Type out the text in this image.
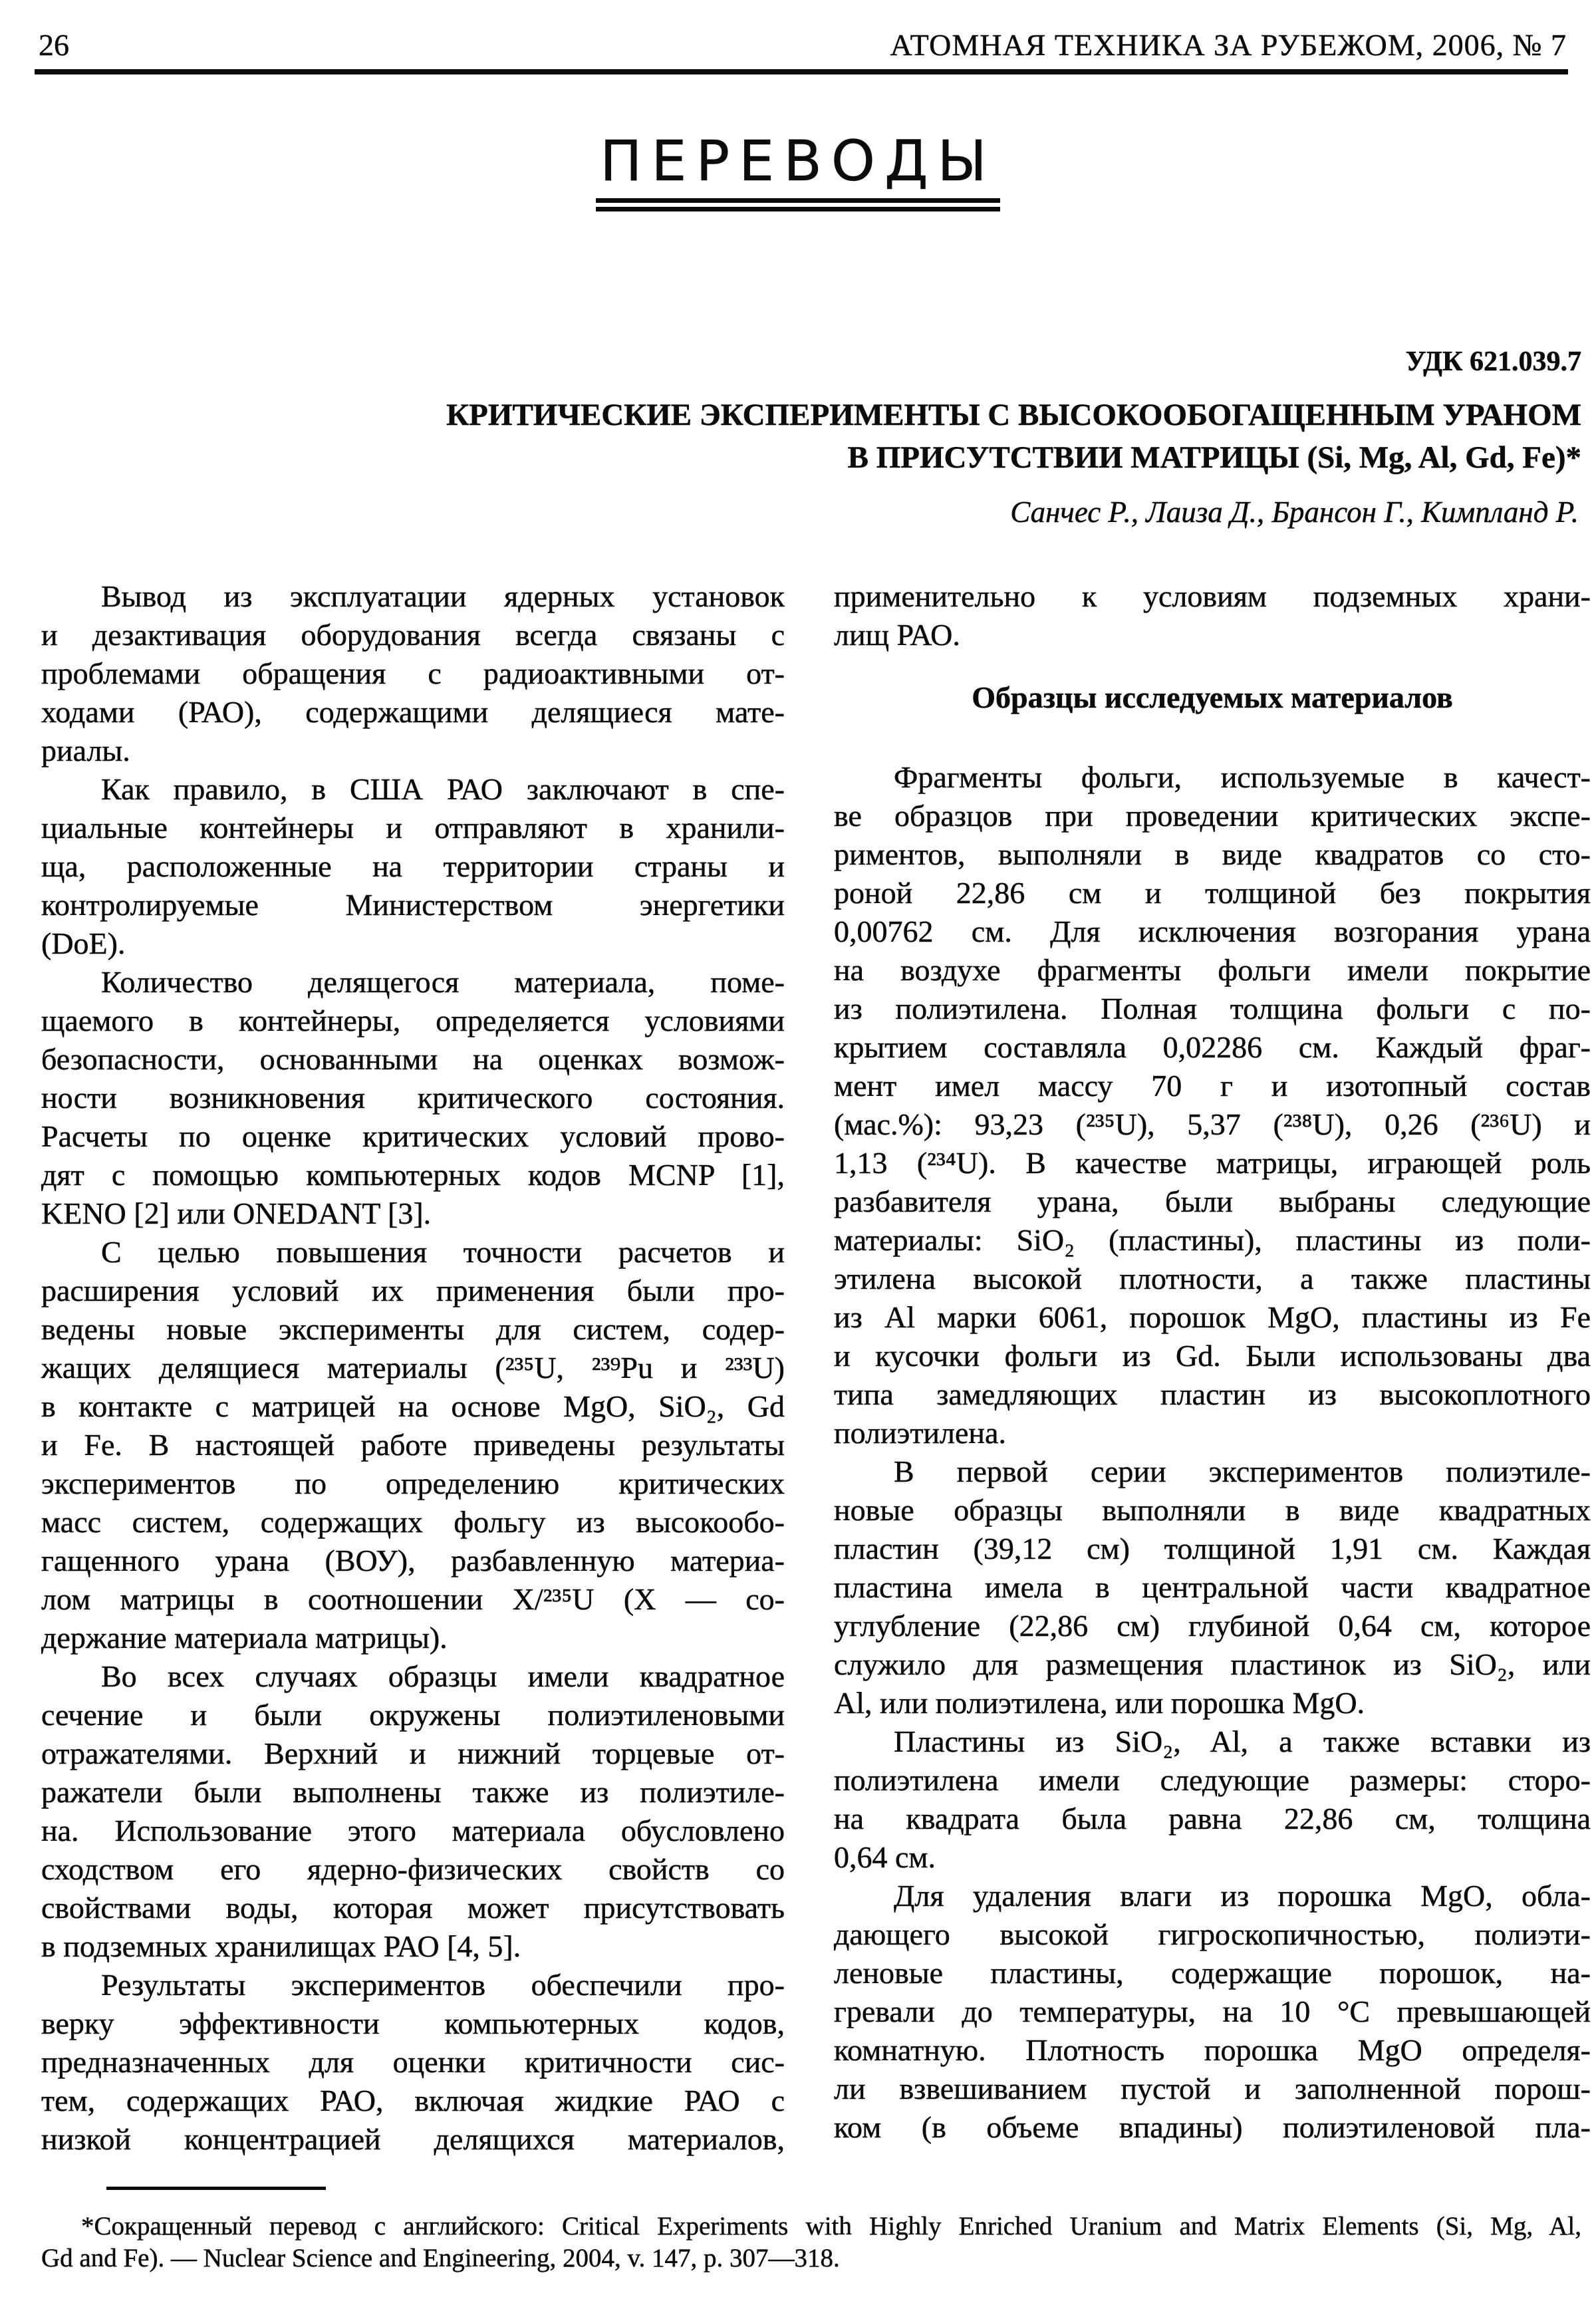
26	АТОМНАЯ ТЕХНИКА ЗА РУБЕЖОМ, 2006, № 7
ПЕРЕВОДЫ
УДК 621.039.7
КРИТИЧЕСКИЕ ЭКСПЕРИМЕНТЫ С ВЫСОКООБОГАЩЕННЫМ УРАНОМ
В ПРИСУТСТВИИ МАТРИЦЫ (Si, Mg, Al, Gd, Fe)*
Санчес Р., Лаиза Д., Брансон Г., Кимпланд Р.
Вывод из эксплуатации ядерных установок
и дезактивация оборудования всегда связаны с
проблемами обращения с радиоактивными от-
ходами (РАО), содержащими делящиеся мате-
риалы.
Как правило, в США РАО заключают в спе-
циальные контейнеры и отправляют в хранили-
ща, расположенные на территории страны и
контролируемые Министерством энергетики
(DoE).
Количество делящегося материала, поме-
щаемого в контейнеры, определяется условиями
безопасности, основанными на оценках возмож-
ности возникновения критического состояния.
Расчеты по оценке критических условий прово-
дят с помощью компьютерных кодов MCNP [1],
KENO [2] или ONEDANT [3].
С целью повышения точности расчетов и
расширения условий их применения были про-
ведены новые эксперименты для систем, содер-
жащих делящиеся материалы (²³⁵U, ²³⁹Pu и ²³³U)
в контакте с матрицей на основе MgO, SiO₂, Gd
и Fe. В настоящей работе приведены результаты
экспериментов по определению критических
масс систем, содержащих фольгу из высокообо-
гащенного урана (ВОУ), разбавленную материа-
лом матрицы в соотношении X/²³⁵U (X — со-
держание материала матрицы).
Во всех случаях образцы имели квадратное
сечение и были окружены полиэтиленовыми
отражателями. Верхний и нижний торцевые от-
ражатели были выполнены также из полиэтиле-
на. Использование этого материала обусловлено
сходством его ядерно-физических свойств со
свойствами воды, которая может присутствовать
в подземных хранилищах РАО [4, 5].
Результаты экспериментов обеспечили про-
верку эффективности компьютерных кодов,
предназначенных для оценки критичности сис-
тем, содержащих РАО, включая жидкие РАО с
низкой концентрацией делящихся материалов,
применительно к условиям подземных храни-
лищ РАО.
Образцы исследуемых материалов
Фрагменты фольги, используемые в качест-
ве образцов при проведении критических экспе-
риментов, выполняли в виде квадратов со сто-
роной 22,86 см и толщиной без покрытия
0,00762 см. Для исключения возгорания урана
на воздухе фрагменты фольги имели покрытие
из полиэтилена. Полная толщина фольги с по-
крытием составляла 0,02286 см. Каждый фраг-
мент имел массу 70 г и изотопный состав
(мас.%): 93,23 (²³⁵U), 5,37 (²³⁸U), 0,26 (²³⁶U) и
1,13 (²³⁴U). В качестве матрицы, играющей роль
разбавителя урана, были выбраны следующие
материалы: SiO₂ (пластины), пластины из поли-
этилена высокой плотности, а также пластины
из Al марки 6061, порошок MgO, пластины из Fe
и кусочки фольги из Gd. Были использованы два
типа замедляющих пластин из высокоплотного
полиэтилена.
В первой серии экспериментов полиэтиле-
новые образцы выполняли в виде квадратных
пластин (39,12 см) толщиной 1,91 см. Каждая
пластина имела в центральной части квадратное
углубление (22,86 см) глубиной 0,64 см, которое
служило для размещения пластинок из SiO₂, или
Al, или полиэтилена, или порошка MgO.
Пластины из SiO₂, Al, а также вставки из
полиэтилена имели следующие размеры: сторо-
на квадрата была равна 22,86 см, толщина
0,64 см.
Для удаления влаги из порошка MgO, обла-
дающего высокой гигроскопичностью, полиэти-
леновые пластины, содержащие порошок, на-
гревали до температуры, на 10 °C превышающей
комнатную. Плотность порошка MgO определя-
ли взвешиванием пустой и заполненной порош-
ком (в объеме впадины) полиэтиленовой пла-
*Сокращенный перевод с английского: Critical Experiments with Highly Enriched Uranium and Matrix Elements (Si, Mg, Al,
Gd and Fe). — Nuclear Science and Engineering, 2004, v. 147, p. 307—318.
